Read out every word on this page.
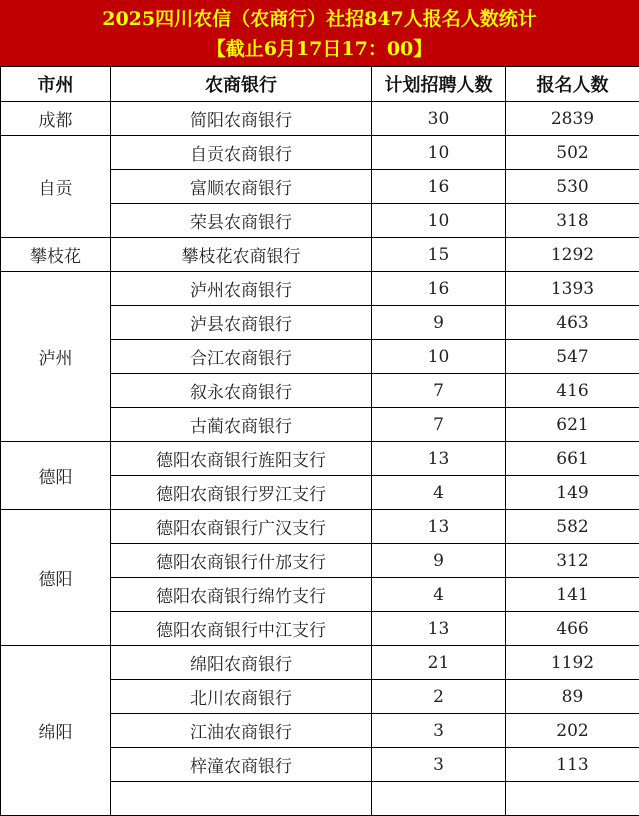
2025四川农信（农商行）社招847人报名人数统计
【截止6月17日17：00】
市州	农商银行	计划招聘人数	报名人数
成都	简阳农商银行	30	2839
自贡	自贡农商银行	10	502
	富顺农商银行	16	530
	荣县农商银行	10	318
攀枝花	攀枝花农商银行	15	1292
泸州	泸州农商银行	16	1393
	泸县农商银行	9	463
	合江农商银行	10	547
	叙永农商银行	7	416
	古蔺农商银行	7	621
德阳	德阳农商银行旌阳支行	13	661
	德阳农商银行罗江支行	4	149
德阳	德阳农商银行广汉支行	13	582
	德阳农商银行什邡支行	9	312
	德阳农商银行绵竹支行	4	141
	德阳农商银行中江支行	13	466
绵阳	绵阳农商银行	21	1192
	北川农商银行	2	89
	江油农商银行	3	202
	梓潼农商银行	3	113
